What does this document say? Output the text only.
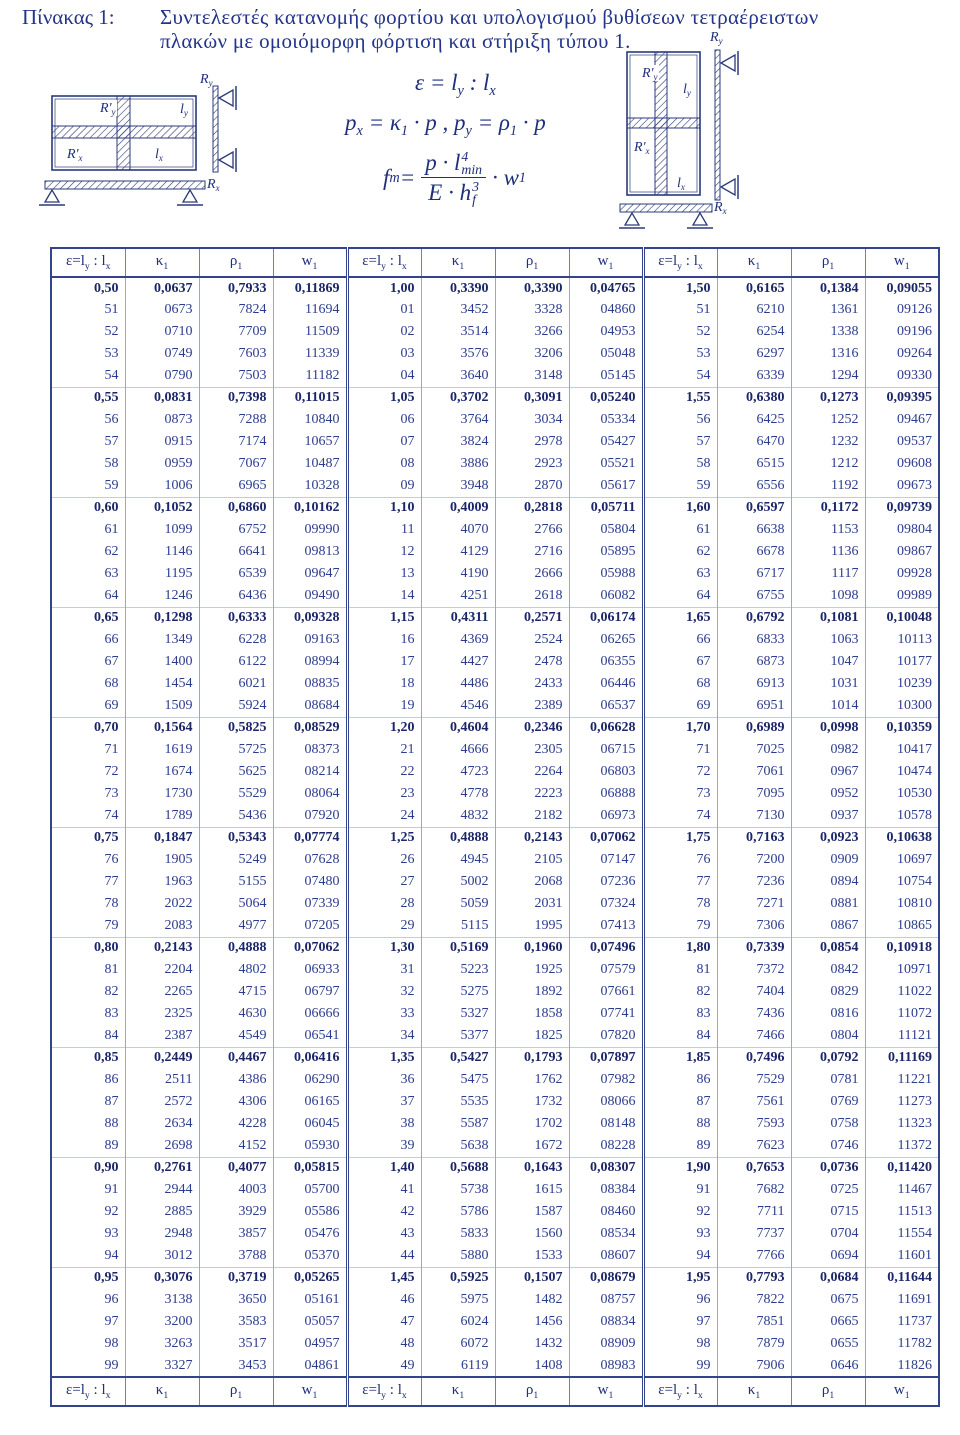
Πίνακας 1: Συντελεστές κατανομής φορτίου και υπολογισμού βυθίσεων τετραέρειστων
πλακών με ομοιόμορφη φόρτιση και στήριξη τύπου 1.
$\varepsilon = l_y$ : $l_x$
$p_x = \kappa_1 \cdot p$ , $p_y = \rho_1 \cdot p$
f m = p · l 4
min
E · h 3
f · w 1
$R'_y$	$l_y$
$R'_x$	$l_x$
$R_y$
$R_x$
$R'_y$
$l_y$
$R'_x$
$l_x$
$R_y$
$R_x$
$\varepsilon=l_y$ : $l_x$	$\kappa_1$	$\rho_1$	$w_1$	$\varepsilon=l_y$ : $l_x$	$\kappa_1$	$\rho_1$	$w_1$	$\varepsilon=l_y$ : $l_x$	$\kappa_1$	$\rho_1$	$w_1$
0,50	0,0637	0,7933	0,11869	1,00	0,3390	0,3390	0,04765	1,50	0,6165	0,1384	0,09055
51	0673	7824	11694	01	3452	3328	04860	51	6210	1361	09126
52	0710	7709	11509	02	3514	3266	04953	52	6254	1338	09196
53	0749	7603	11339	03	3576	3206	05048	53	6297	1316	09264
54	0790	7503	11182	04	3640	3148	05145	54	6339	1294	09330
0,55	0,0831	0,7398	0,11015	1,05	0,3702	0,3091	0,05240	1,55	0,6380	0,1273	0,09395
56	0873	7288	10840	06	3764	3034	05334	56	6425	1252	09467
57	0915	7174	10657	07	3824	2978	05427	57	6470	1232	09537
58	0959	7067	10487	08	3886	2923	05521	58	6515	1212	09608
59	1006	6965	10328	09	3948	2870	05617	59	6556	1192	09673
0,60	0,1052	0,6860	0,10162	1,10	0,4009	0,2818	0,05711	1,60	0,6597	0,1172	0,09739
61	1099	6752	09990	11	4070	2766	05804	61	6638	1153	09804
62	1146	6641	09813	12	4129	2716	05895	62	6678	1136	09867
63	1195	6539	09647	13	4190	2666	05988	63	6717	1117	09928
64	1246	6436	09490	14	4251	2618	06082	64	6755	1098	09989
0,65	0,1298	0,6333	0,09328	1,15	0,4311	0,2571	0,06174	1,65	0,6792	0,1081	0,10048
66	1349	6228	09163	16	4369	2524	06265	66	6833	1063	10113
67	1400	6122	08994	17	4427	2478	06355	67	6873	1047	10177
68	1454	6021	08835	18	4486	2433	06446	68	6913	1031	10239
69	1509	5924	08684	19	4546	2389	06537	69	6951	1014	10300
0,70	0,1564	0,5825	0,08529	1,20	0,4604	0,2346	0,06628	1,70	0,6989	0,0998	0,10359
71	1619	5725	08373	21	4666	2305	06715	71	7025	0982	10417
72	1674	5625	08214	22	4723	2264	06803	72	7061	0967	10474
73	1730	5529	08064	23	4778	2223	06888	73	7095	0952	10530
74	1789	5436	07920	24	4832	2182	06973	74	7130	0937	10578
0,75	0,1847	0,5343	0,07774	1,25	0,4888	0,2143	0,07062	1,75	0,7163	0,0923	0,10638
76	1905	5249	07628	26	4945	2105	07147	76	7200	0909	10697
77	1963	5155	07480	27	5002	2068	07236	77	7236	0894	10754
78	2022	5064	07339	28	5059	2031	07324	78	7271	0881	10810
79	2083	4977	07205	29	5115	1995	07413	79	7306	0867	10865
0,80	0,2143	0,4888	0,07062	1,30	0,5169	0,1960	0,07496	1,80	0,7339	0,0854	0,10918
81	2204	4802	06933	31	5223	1925	07579	81	7372	0842	10971
82	2265	4715	06797	32	5275	1892	07661	82	7404	0829	11022
83	2325	4630	06666	33	5327	1858	07741	83	7436	0816	11072
84	2387	4549	06541	34	5377	1825	07820	84	7466	0804	11121
0,85	0,2449	0,4467	0,06416	1,35	0,5427	0,1793	0,07897	1,85	0,7496	0,0792	0,11169
86	2511	4386	06290	36	5475	1762	07982	86	7529	0781	11221
87	2572	4306	06165	37	5535	1732	08066	87	7561	0769	11273
88	2634	4228	06045	38	5587	1702	08148	88	7593	0758	11323
89	2698	4152	05930	39	5638	1672	08228	89	7623	0746	11372
0,90	0,2761	0,4077	0,05815	1,40	0,5688	0,1643	0,08307	1,90	0,7653	0,0736	0,11420
91	2944	4003	05700	41	5738	1615	08384	91	7682	0725	11467
92	2885	3929	05586	42	5786	1587	08460	92	7711	0715	11513
93	2948	3857	05476	43	5833	1560	08534	93	7737	0704	11554
94	3012	3788	05370	44	5880	1533	08607	94	7766	0694	11601
0,95	0,3076	0,3719	0,05265	1,45	0,5925	0,1507	0,08679	1,95	0,7793	0,0684	0,11644
96	3138	3650	05161	46	5975	1482	08757	96	7822	0675	11691
97	3200	3583	05057	47	6024	1456	08834	97	7851	0665	11737
98	3263	3517	04957	48	6072	1432	08909	98	7879	0655	11782
99	3327	3453	04861	49	6119	1408	08983	99	7906	0646	11826
$\varepsilon=l_y$ : $l_x$	$\kappa_1$	$\rho_1$	$w_1$	$\varepsilon=l_y$ : $l_x$	$\kappa_1$	$\rho_1$	$w_1$	$\varepsilon=l_y$ : $l_x$	$\kappa_1$	$\rho_1$	$w_1$
